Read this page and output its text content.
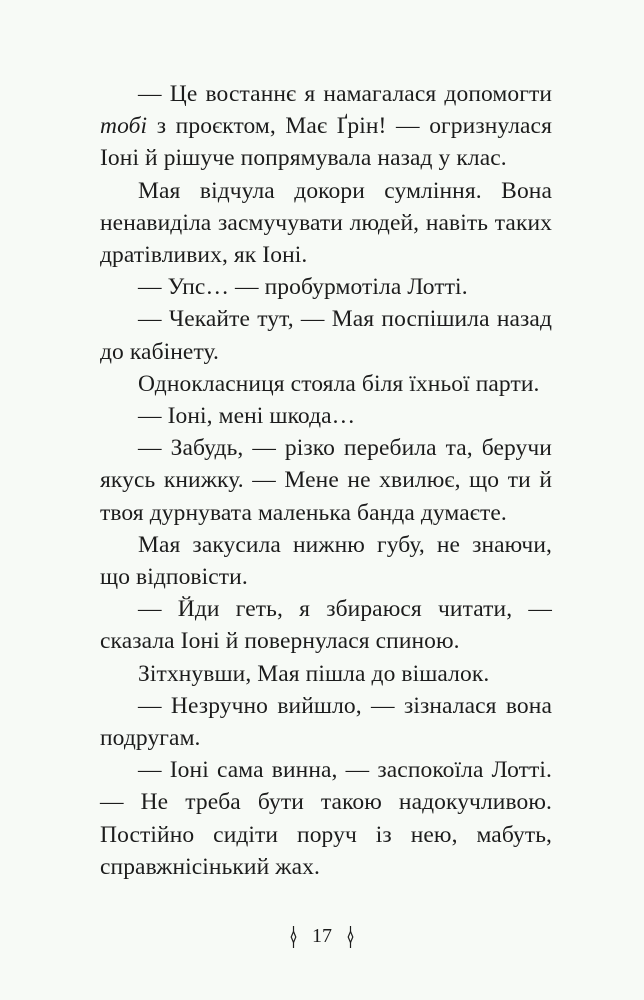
— Це востаннє я намагалася допомогти тобі з проєктом, Має Ґрін! — огризнулася Іоні й рішуче попрямувала назад у клас.

Мая відчула докори сумління. Вона ненавиділа засмучувати людей, навіть таких дратівливих, як Іоні.

— Упс… — пробурмотіла Лотті.

— Чекайте тут, — Мая поспішила назад до кабінету.

Однокласниця стояла біля їхньої парти.

— Іоні, мені шкода…

— Забудь, — різко перебила та, беручи якусь книжку. — Мене не хвилює, що ти й твоя дурнувата маленька банда думаєте.

Мая закусила нижню губу, не знаючи, що відповісти.

— Йди геть, я збираюся читати, — сказала Іоні й повернулася спиною.

Зітхнувши, Мая пішла до вішалок.

— Незручно вийшло, — зізналася вона подругам.

— Іоні сама винна, — заспокоїла Лотті. — Не треба бути такою надокучливою. Постійно сидіти поруч із нею, мабуть, справжнісінький жах.

17
